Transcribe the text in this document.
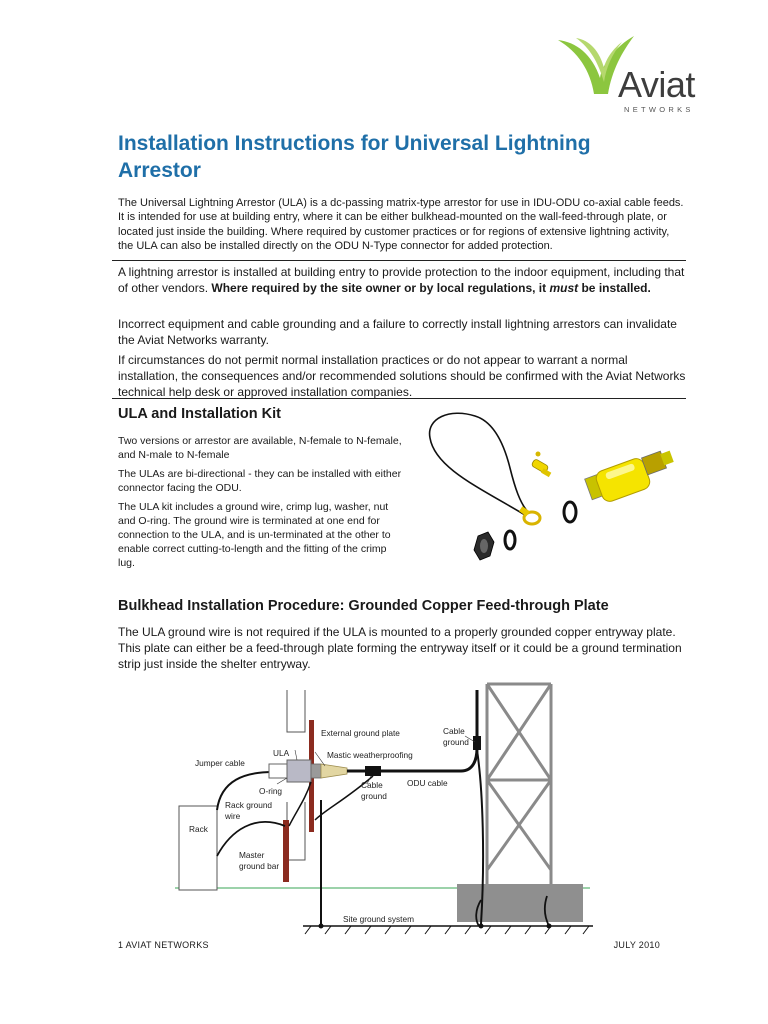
Aviat
NETWORKS
Installation Instructions for Universal Lightning Arrestor

The Universal Lightning Arrestor (ULA) is a dc-passing matrix-type arrestor for use in IDU-ODU co-axial cable feeds. It is intended for use at building entry, where it can be either bulkhead-mounted on the wall-feed-through plate, or located just inside the building. Where required by customer practices or for regions of extensive lightning activity, the ULA can also be installed directly on the ODU N-Type connector for added protection.

A lightning arrestor is installed at building entry to provide protection to the indoor equipment, including that of other vendors. Where required by the site owner or by local regulations, it must be installed.

Incorrect equipment and cable grounding and a failure to correctly install lightning arrestors can invalidate the Aviat Networks warranty.

If circumstances do not permit normal installation practices or do not appear to warrant a normal installation, the consequences and/or recommended solutions should be confirmed with the Aviat Networks technical help desk or approved installation companies.

ULA and Installation Kit

Two versions or arrestor are available, N-female to N-female, and N-male to N-female

The ULAs are bi-directional - they can be installed with either connector facing the ODU.

The ULA kit includes a ground wire, crimp lug, washer, nut and O-ring. The ground wire is terminated at one end for connection to the ULA, and is un-terminated at the other to enable correct cutting-to-length and the fitting of the crimp lug.

Bulkhead Installation Procedure: Grounded Copper Feed-through Plate

The ULA ground wire is not required if the ULA is mounted to a properly grounded copper entryway plate. This plate can either be a feed-through plate forming the entryway itself or it could be a ground termination strip just inside the shelter entryway.

External ground plate	Cable
ground
ULA	Mastic weatherproofing
Jumper cable
O-ring
Cable
ground
ODU cable
Rack ground
wire
Rack
Master
ground bar
Site ground system
1 AVIAT NETWORKS	JULY 2010
